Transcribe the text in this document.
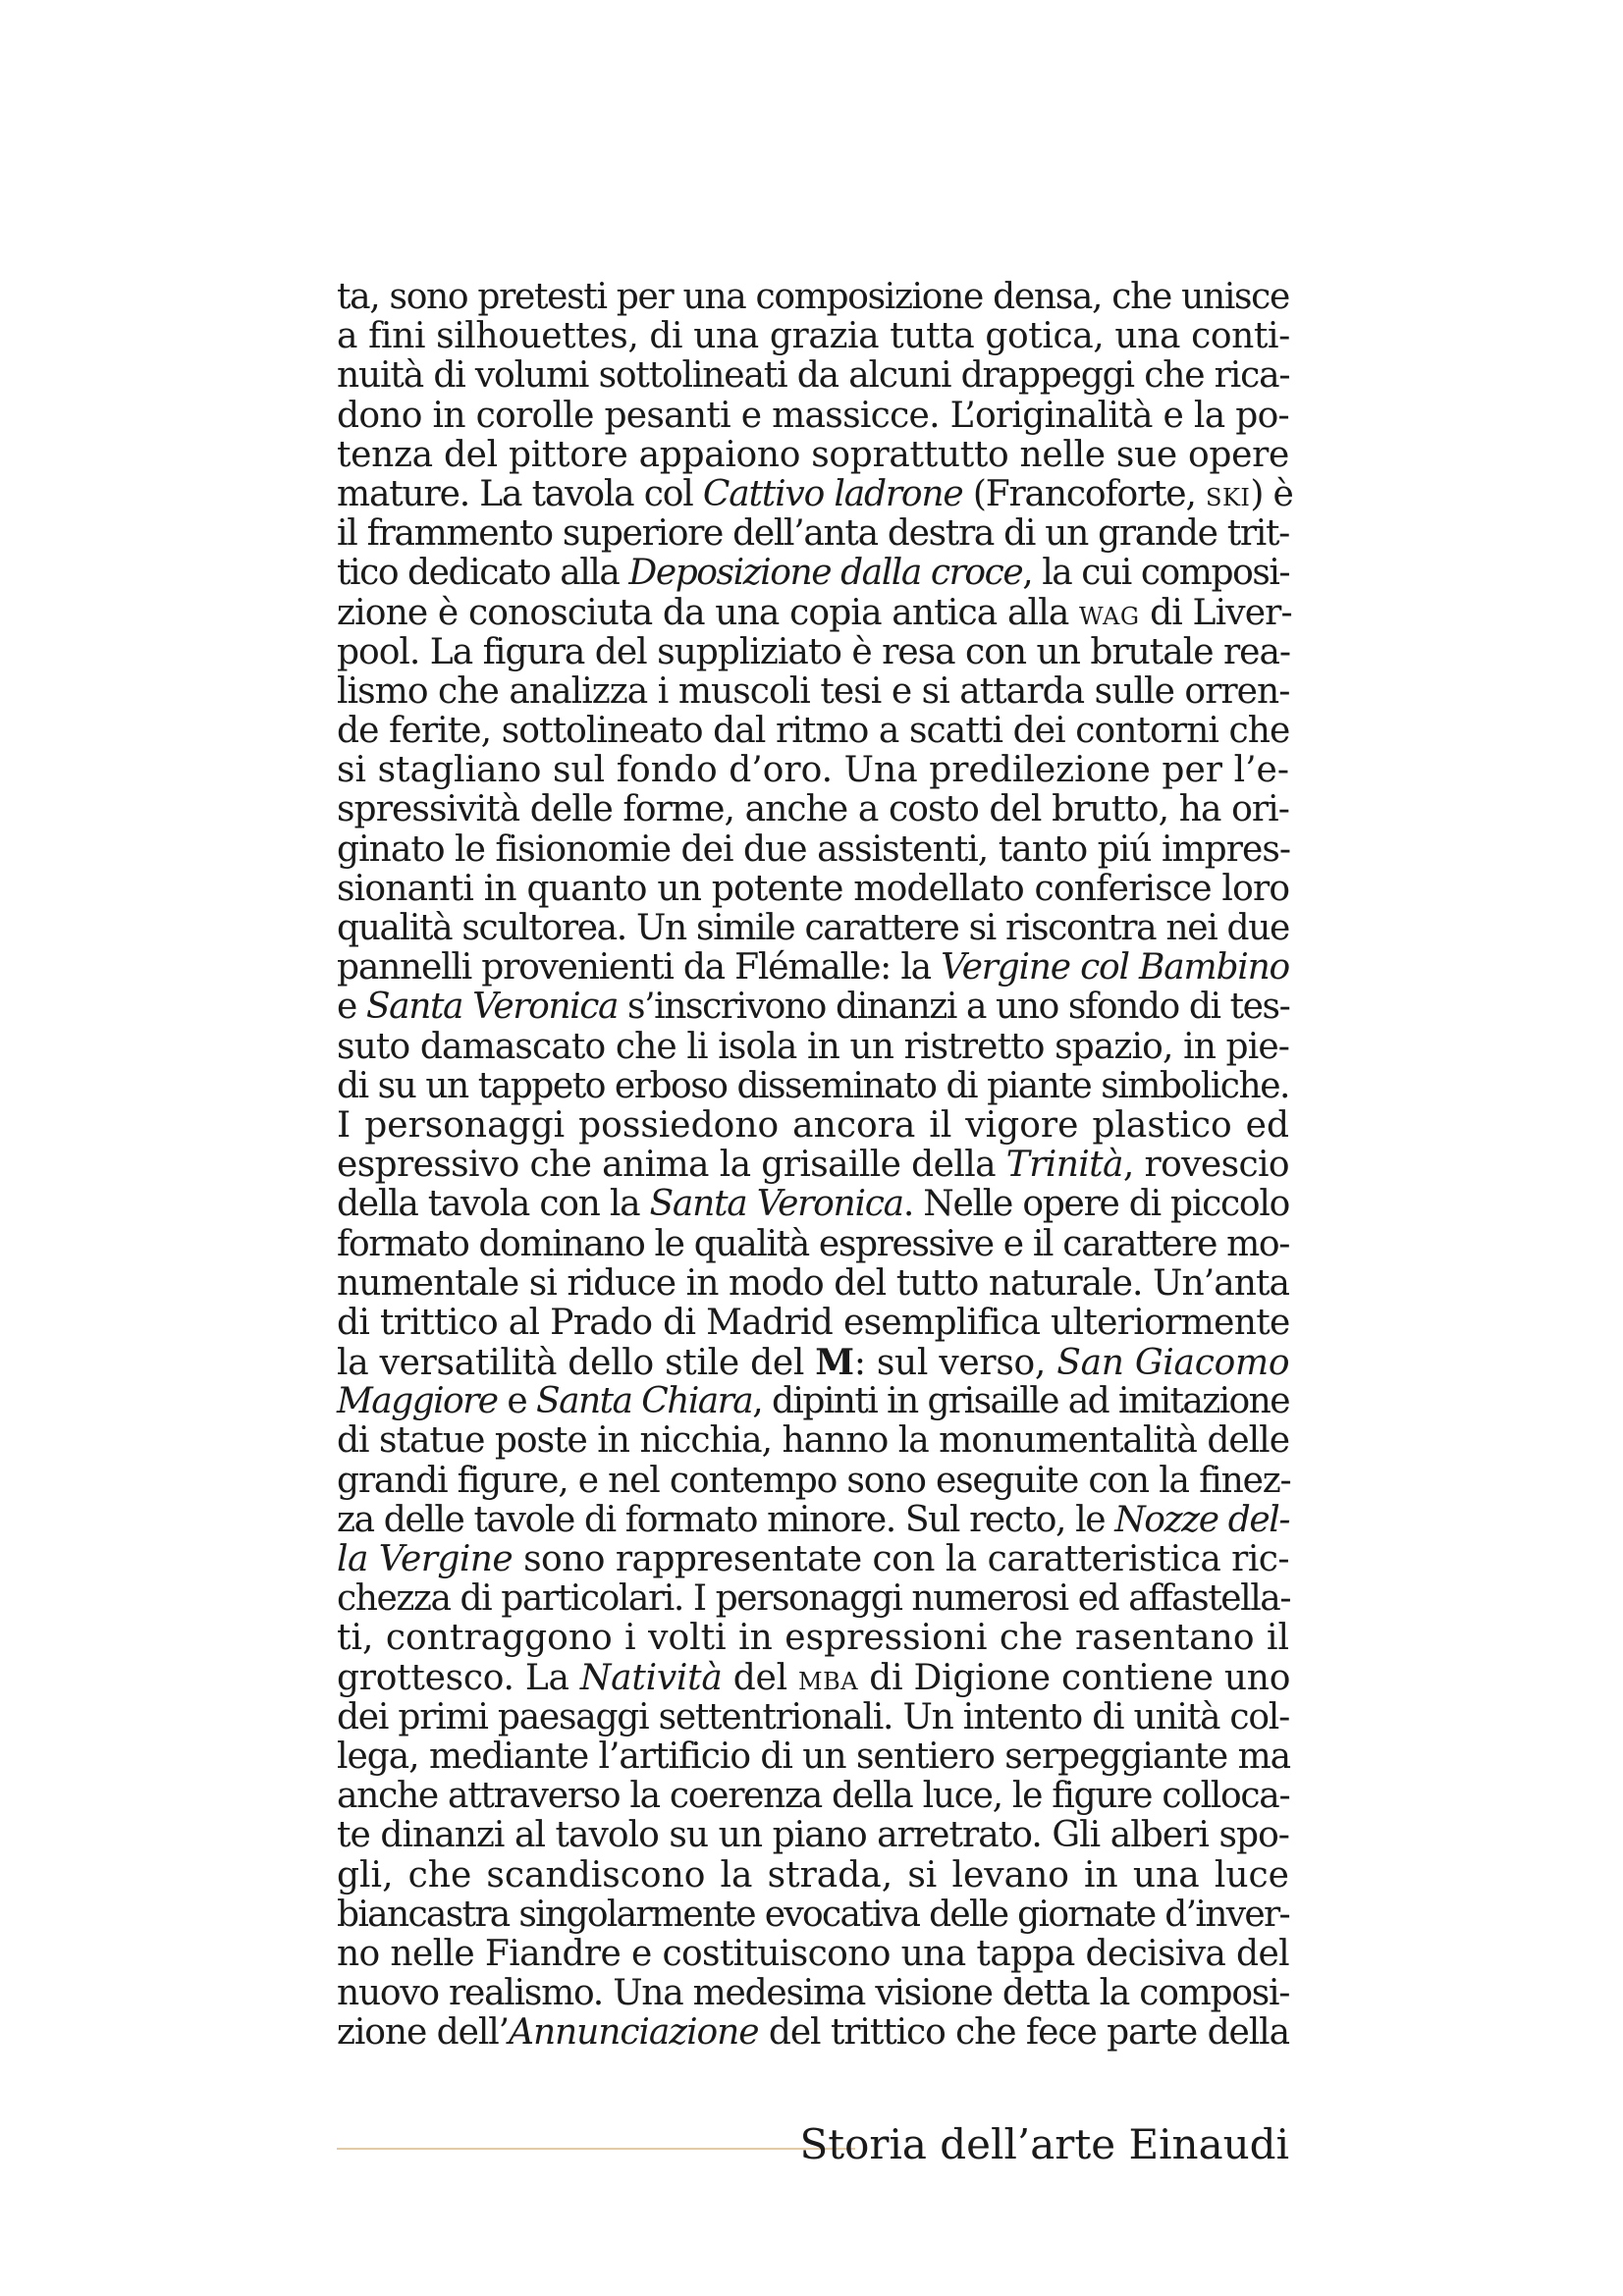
ta, sono pretesti per una composizione densa, che unisce
a fini silhouettes, di una grazia tutta gotica, una conti-
nuità di volumi sottolineati da alcuni drappeggi che rica-
dono in corolle pesanti e massicce. L’originalità e la po-
tenza del pittore appaiono soprattutto nelle sue opere
mature. La tavola col Cattivo ladrone (Francoforte, ski) è
il frammento superiore dell’anta destra di un grande trit-
tico dedicato alla Deposizione dalla croce, la cui composi-
zione è conosciuta da una copia antica alla wag di Liver-
pool. La figura del suppliziato è resa con un brutale rea-
lismo che analizza i muscoli tesi e si attarda sulle orren-
de ferite, sottolineato dal ritmo a scatti dei contorni che
si stagliano sul fondo d’oro. Una predilezione per l’e-
spressività delle forme, anche a costo del brutto, ha ori-
ginato le fisionomie dei due assistenti, tanto piú impres-
sionanti in quanto un potente modellato conferisce loro
qualità scultorea. Un simile carattere si riscontra nei due
pannelli provenienti da Flémalle: la Vergine col Bambino
e Santa Veronica s’inscrivono dinanzi a uno sfondo di tes-
suto damascato che li isola in un ristretto spazio, in pie-
di su un tappeto erboso disseminato di piante simboliche.
I personaggi possiedono ancora il vigore plastico ed
espressivo che anima la grisaille della Trinità, rovescio
della tavola con la Santa Veronica. Nelle opere di piccolo
formato dominano le qualità espressive e il carattere mo-
numentale si riduce in modo del tutto naturale. Un’anta
di trittico al Prado di Madrid esemplifica ulteriormente
la versatilità dello stile del M: sul verso, San Giacomo
Maggiore e Santa Chiara, dipinti in grisaille ad imitazione
di statue poste in nicchia, hanno la monumentalità delle
grandi figure, e nel contempo sono eseguite con la finez-
za delle tavole di formato minore. Sul recto, le Nozze del-
la Vergine sono rappresentate con la caratteristica ric-
chezza di particolari. I personaggi numerosi ed affastella-
ti, contraggono i volti in espressioni che rasentano il
grottesco. La Natività del mba di Digione contiene uno
dei primi paesaggi settentrionali. Un intento di unità col-
lega, mediante l’artificio di un sentiero serpeggiante ma
anche attraverso la coerenza della luce, le figure colloca-
te dinanzi al tavolo su un piano arretrato. Gli alberi spo-
gli, che scandiscono la strada, si levano in una luce
biancastra singolarmente evocativa delle giornate d’inver-
no nelle Fiandre e costituiscono una tappa decisiva del
nuovo realismo. Una medesima visione detta la composi-
zione dell’Annunciazione del trittico che fece parte della
Storia dell’arte Einaudi
